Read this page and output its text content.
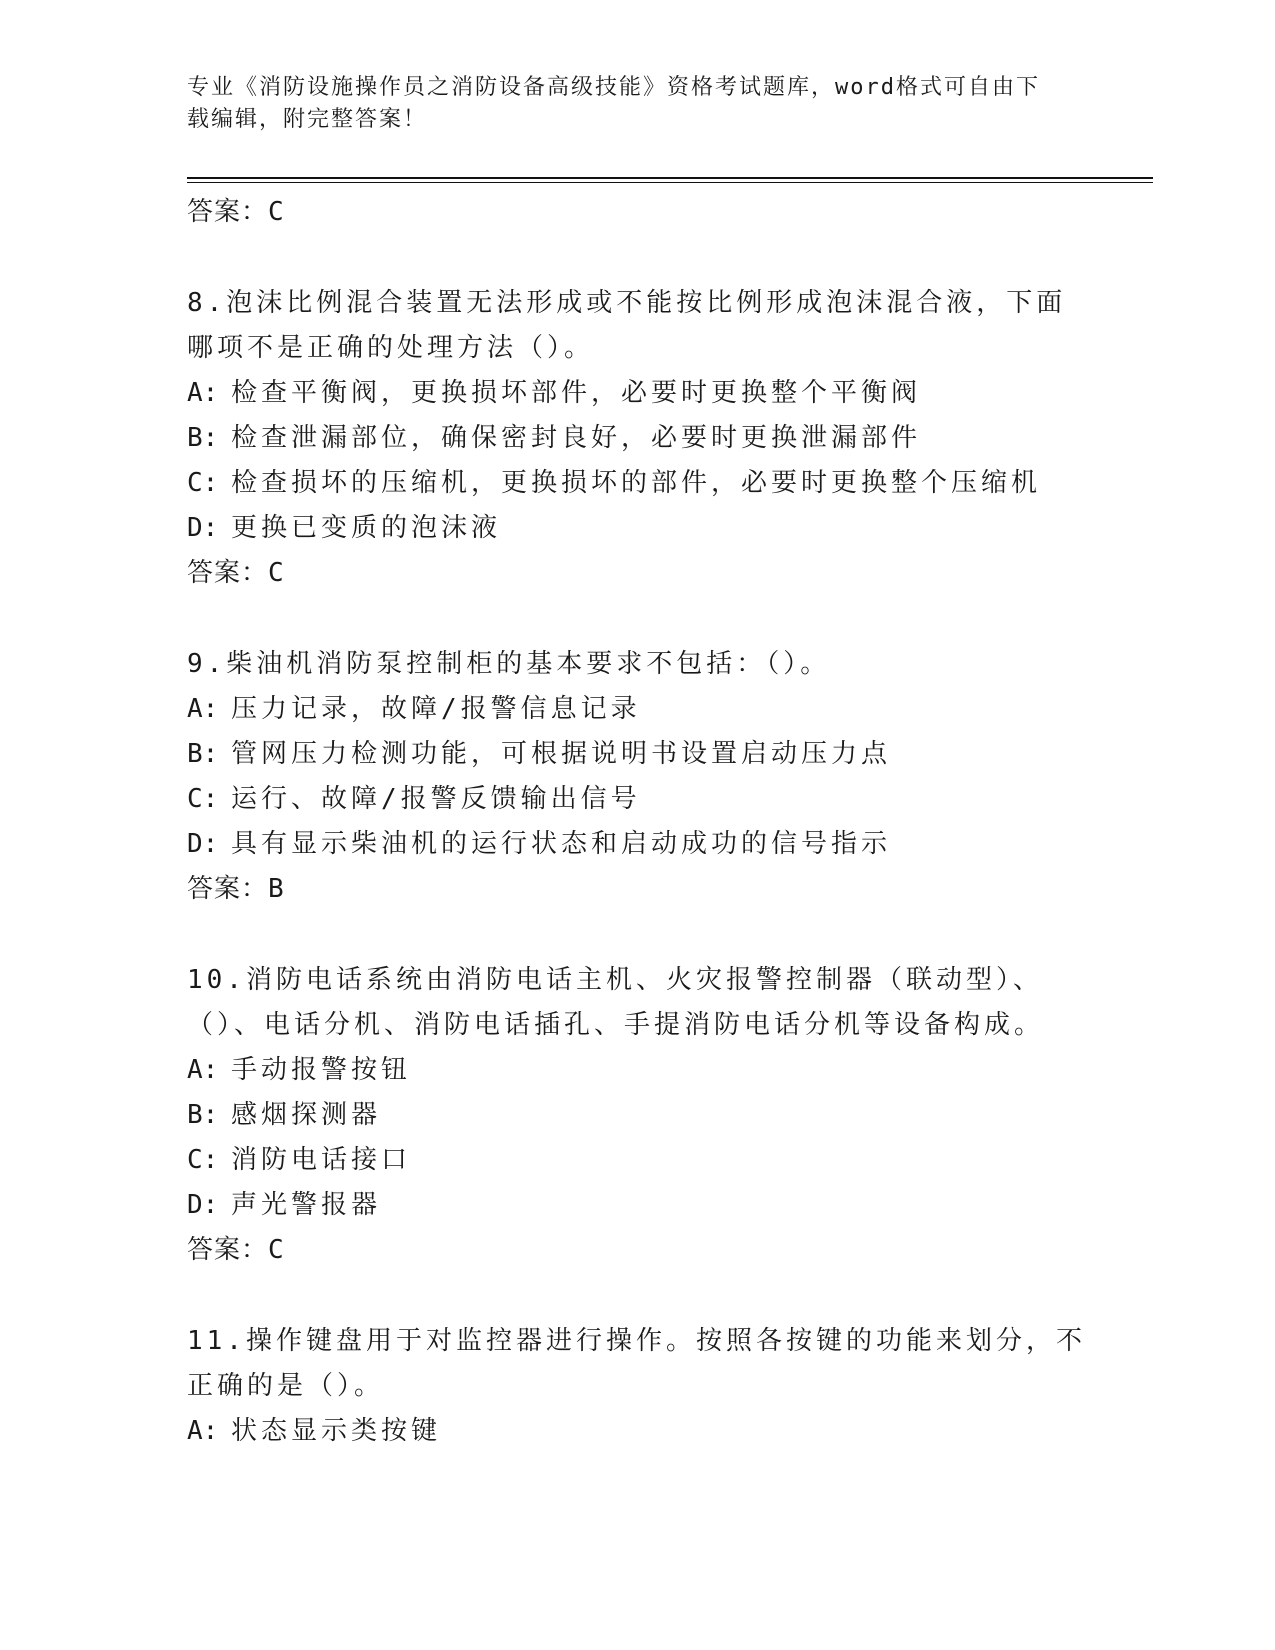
专业《消防设施操作员之消防设备高级技能》资格考试题库，word格式可自由下
载编辑，附完整答案！
答案：C
8.泡沫比例混合装置无法形成或不能按比例形成泡沫混合液，下面哪项不是正确的处理方法（）。
A: 检查平衡阀，更换损坏部件，必要时更换整个平衡阀
B: 检查泄漏部位，确保密封良好，必要时更换泄漏部件
C: 检查损坏的压缩机，更换损坏的部件，必要时更换整个压缩机
D: 更换已变质的泡沫液
答案：C
9.柴油机消防泵控制柜的基本要求不包括：（）。
A: 压力记录，故障/报警信息记录
B: 管网压力检测功能，可根据说明书设置启动压力点
C: 运行、故障/报警反馈输出信号
D: 具有显示柴油机的运行状态和启动成功的信号指示
答案：B
10.消防电话系统由消防电话主机、火灾报警控制器（联动型）、（）、电话分机、消防电话插孔、手提消防电话分机等设备构成。
A: 手动报警按钮
B: 感烟探测器
C: 消防电话接口
D: 声光警报器
答案：C
11.操作键盘用于对监控器进行操作。按照各按键的功能来划分，不正确的是（）。
A: 状态显示类按键
